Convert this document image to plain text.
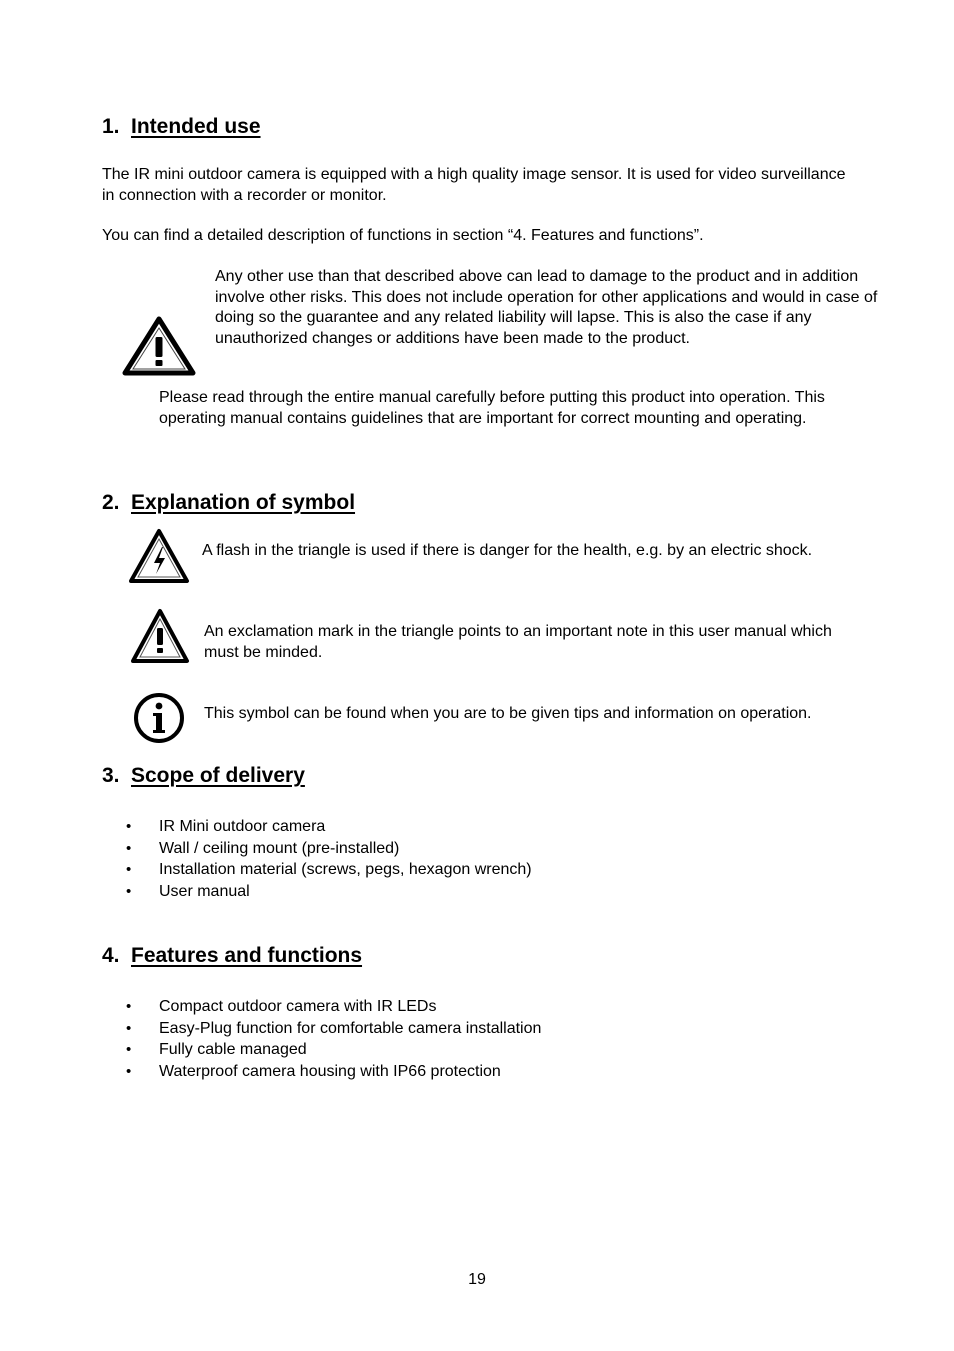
1. Intended use

The IR mini outdoor camera is equipped with a high quality image sensor. It is used for video surveillance in connection with a recorder or monitor.

You can find a detailed description of functions in section “4. Features and functions”.

Any other use than that described above can lead to damage to the product and in addition involve other risks. This does not include operation for other applications and would in case of doing so the guarantee and any related liability will lapse. This is also the case if any unauthorized changes or additions have been made to the product.

Please read through the entire manual carefully before putting this product into operation. This operating manual contains guidelines that are important for correct mounting and operating.

2. Explanation of symbol

A flash in the triangle is used if there is danger for the health, e.g. by an electric shock.

An exclamation mark in the triangle points to an important note in this user manual which must be minded.

This symbol can be found when you are to be given tips and information on operation.

3. Scope of delivery
• IR Mini outdoor camera
• Wall / ceiling mount (pre-installed)
• Installation material (screws, pegs, hexagon wrench)
• User manual
4. Features and functions
• Compact outdoor camera with IR LEDs
• Easy-Plug function for comfortable camera installation
• Fully cable managed
• Waterproof camera housing with IP66 protection
19
